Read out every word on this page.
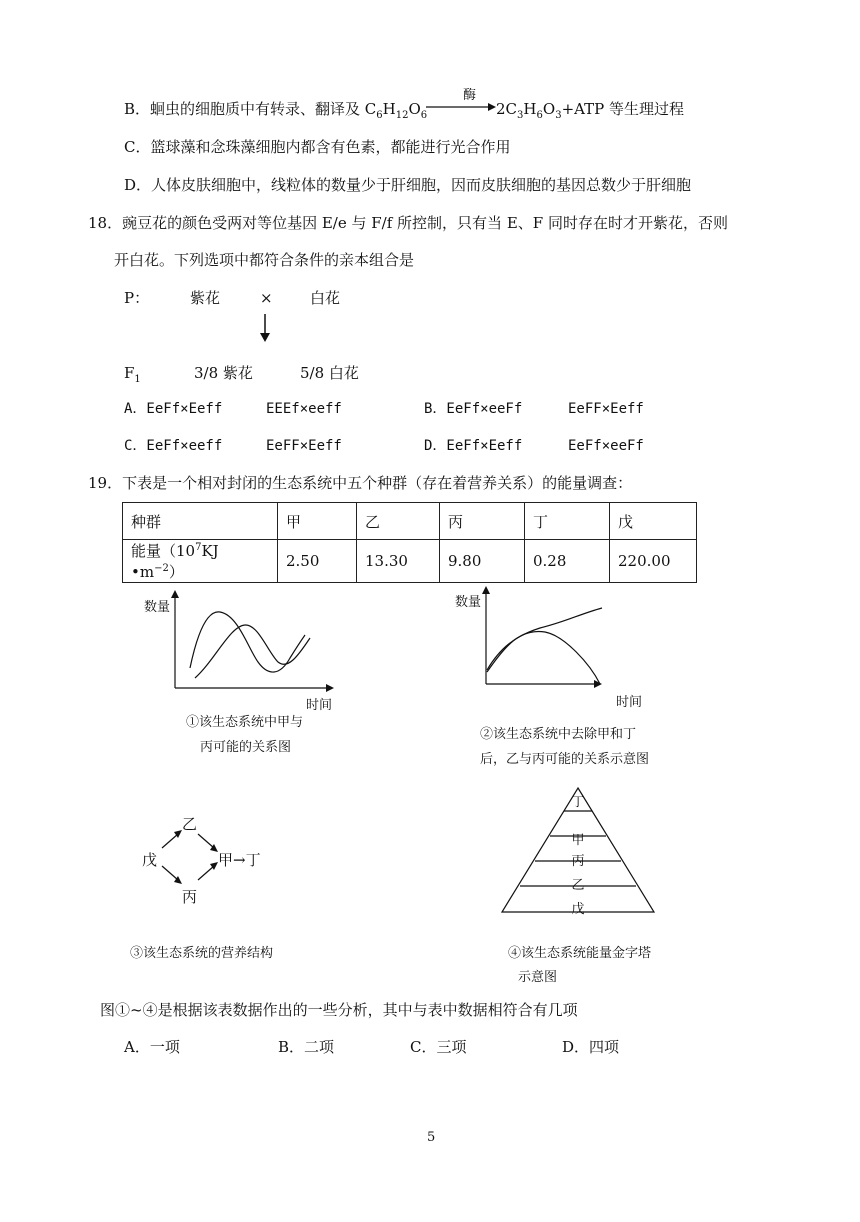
B．蛔虫的细胞质中有转录、翻译及 $C_6H_{12}O_6$
酶
$2C_3H_6O_3+ATP$ 等生理过程
C．篮球藻和念珠藻细胞内都含有色素，都能进行光合作用
D．人体皮肤细胞中，线粒体的数量少于肝细胞，因而皮肤细胞的基因总数少于肝细胞
18．豌豆花的颜色受两对等位基因 E/e 与 F/f 所控制，只有当 E、F 同时存在时才开紫花，否则
开白花。下列选项中都符合条件的亲本组合是
P：	紫花	× 白花
$F_1$	3/8 紫花	5/8 白花
A．EeFf×Eeff	EEEf×eeff	B．EeFf×eeFf	EeFF×Eeff
C．EeFf×eeff	EeFF×Eeff	D．EeFf×Eeff	EeFf×eeFf
19．下表是一个相对封闭的生态系统中五个种群（存在着营养关系）的能量调查：
种群	甲	乙	丙	丁	戊
能量（$10^7KJ$ $•m^{-2}$）	2.50	13.30	9.80	0.28	220.00
数量
时间
①该生态系统中甲与
丙可能的关系图
数量
时间
②该生态系统中去除甲和丁
后，乙与丙可能的关系示意图
乙
戊	甲→丁
丙
③该生态系统的营养结构
丁
甲
丙
乙
戊
④该生态系统能量金字塔
示意图
图①~④是根据该表数据作出的一些分析，其中与表中数据相符合有几项
A．一项	B．二项	C．三项	D．四项
5
